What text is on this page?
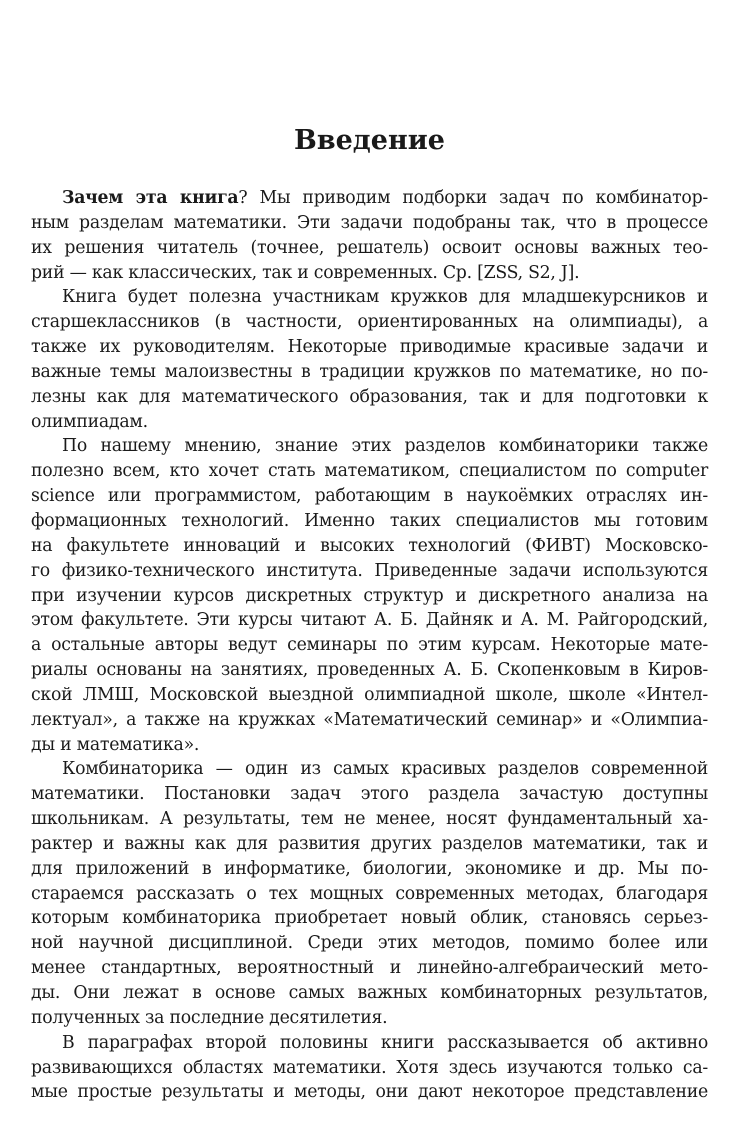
Введение
Зачем эта книга? Мы приводим подборки задач по комбинатор-
ным разделам математики. Эти задачи подобраны так, что в процессе
их решения читатель (точнее, решатель) освоит основы важных тео-
рий — как классических, так и современных. Ср. [ZSS, S2, J].
Книга будет полезна участникам кружков для младшекурсников и
старшеклассников (в частности, ориентированных на олимпиады), а
также их руководителям. Некоторые приводимые красивые задачи и
важные темы малоизвестны в традиции кружков по математике, но по-
лезны как для математического образования, так и для подготовки к
олимпиадам.
По нашему мнению, знание этих разделов комбинаторики также
полезно всем, кто хочет стать математиком, специалистом по computer
science или программистом, работающим в наукоёмких отраслях ин-
формационных технологий. Именно таких специалистов мы готовим
на факультете инноваций и высоких технологий (ФИВТ) Московско-
го физико-технического института. Приведенные задачи используются
при изучении курсов дискретных структур и дискретного анализа на
этом факультете. Эти курсы читают А. Б. Дайняк и А. М. Райгородский,
а остальные авторы ведут семинары по этим курсам. Некоторые мате-
риалы основаны на занятиях, проведенных А. Б. Скопенковым в Киров-
ской ЛМШ, Московской выездной олимпиадной школе, школе «Интел-
лектуал», а также на кружках «Математический семинар» и «Олимпиа-
ды и математика».
Комбинаторика — один из самых красивых разделов современной
математики. Постановки задач этого раздела зачастую доступны
школьникам. А результаты, тем не менее, носят фундаментальный ха-
рактер и важны как для развития других разделов математики, так и
для приложений в информатике, биологии, экономике и др. Мы по-
стараемся рассказать о тех мощных современных методах, благодаря
которым комбинаторика приобретает новый облик, становясь серьез-
ной научной дисциплиной. Среди этих методов, помимо более или
менее стандартных, вероятностный и линейно-алгебраический мето-
ды. Они лежат в основе самых важных комбинаторных результатов,
полученных за последние десятилетия.
В параграфах второй половины книги рассказывается об активно
развивающихся областях математики. Хотя здесь изучаются только са-
мые простые результаты и методы, они дают некоторое представление
